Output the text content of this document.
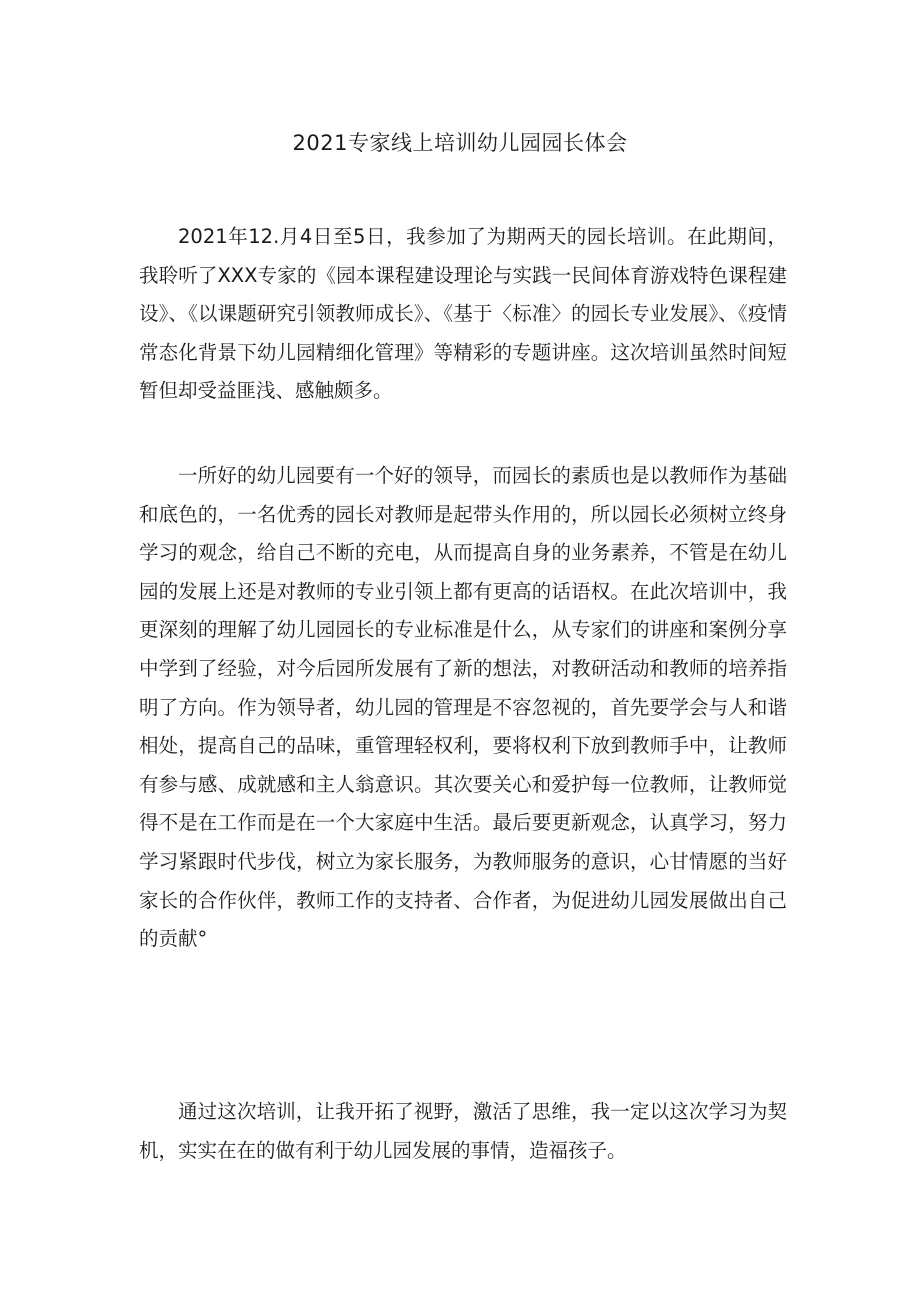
2021专家线上培训幼儿园园长体会

2021年12.月4日至5日，我参加了为期两天的园长培训。在此期间，我聆听了XXX专家的《园本课程建设理论与实践一民间体育游戏特色课程建设》、《以课题研究引领教师成长》、《基于〈标准〉的园长专业发展》、《疫情常态化背景下幼儿园精细化管理》等精彩的专题讲座。这次培训虽然时间短暂但却受益匪浅、感触颇多。

一所好的幼儿园要有一个好的领导，而园长的素质也是以教师作为基础和底色的，一名优秀的园长对教师是起带头作用的，所以园长必须树立终身学习的观念，给自己不断的充电，从而提高自身的业务素养，不管是在幼儿园的发展上还是对教师的专业引领上都有更高的话语权。在此次培训中，我更深刻的理解了幼儿园园长的专业标准是什么，从专家们的讲座和案例分享中学到了经验，对今后园所发展有了新的想法，对教研活动和教师的培养指明了方向。作为领导者，幼儿园的管理是不容忽视的，首先要学会与人和谐相处，提高自己的品味，重管理轻权利，要将权利下放到教师手中，让教师有参与感、成就感和主人翁意识。其次要关心和爱护每一位教师，让教师觉得不是在工作而是在一个大家庭中生活。最后要更新观念，认真学习，努力学习紧跟时代步伐，树立为家长服务，为教师服务的意识，心甘情愿的当好家长的合作伙伴，教师工作的支持者、合作者，为促进幼儿园发展做出自己的贡献°

通过这次培训，让我开拓了视野，激活了思维，我一定以这次学习为契机，实实在在的做有利于幼儿园发展的事情，造福孩子。
